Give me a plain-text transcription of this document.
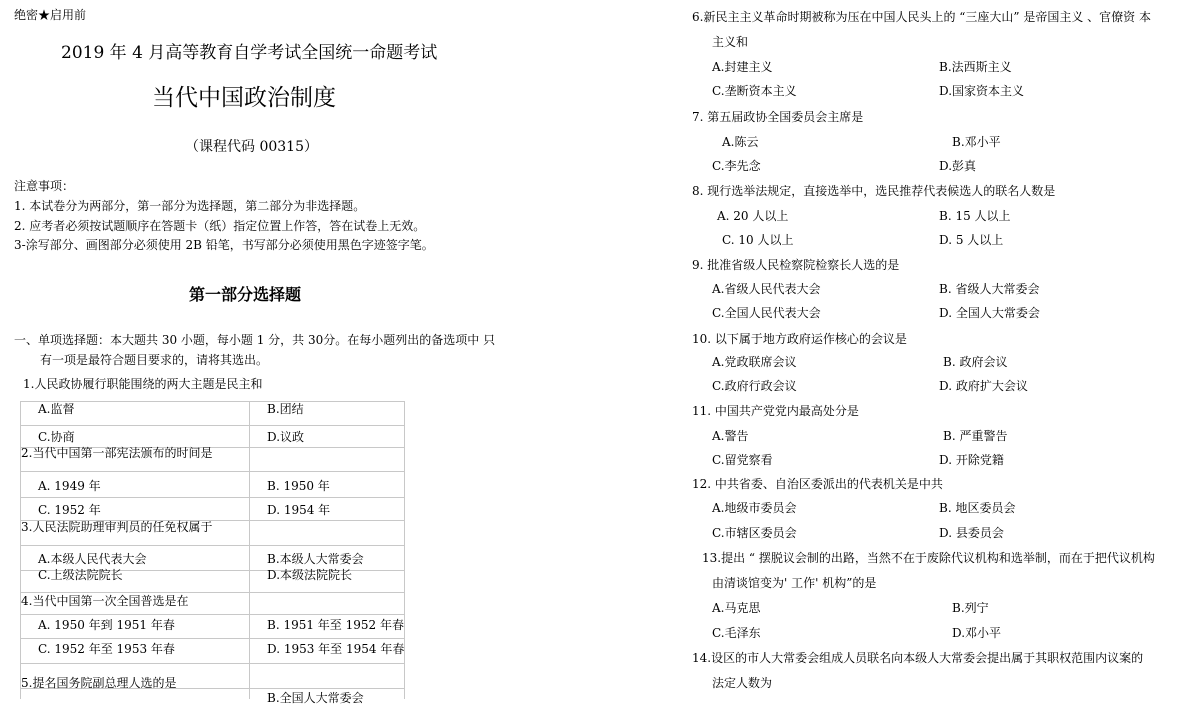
绝密★启用前
2019 年 4 月高等教育自学考试全国统一命题考试
当代中国政治制度
（课程代码 00315）
注意事项：
1. 本试卷分为两部分，第一部分为选择题，第二部分为非选择题。
2. 应考者必须按试题顺序在答题卡（纸）指定位置上作答，答在试卷上无效。
3-涂写部分、画图部分必须使用 2B 铅笔，书写部分必须使用黑色字迹签字笔。
第一部分选择题
一、单项选择题：本大题共 30 小题，每小题 1 分，共 30分。在每小题列出的备选项中 只
有一项是最符合题目要求的，请将其选出。
1.人民政协履行职能围绕的两大主题是民主和
A.监督	B.团结
C.协商	D.议政
2.当代中国第一部宪法颁布的时间是
A. 1949 年	B. 1950 年
C. 1952 年	D. 1954 年
3.人民法院助理审判员的任免权属于
A.本级人民代表大会	B.本级人大常委会
C.上级法院院长	D.本级法院院长
4.当代中国第一次全国普选是在
A. 1950 年到 1951 年春	B. 1951 年至 1952 年春
C. 1952 年至 1953 年春	D. 1953 年至 1954 年春
5.提名国务院副总理人选的是
B.全国人大常委会
6.新民主主义革命时期被称为压在中国人民头上的 “三座大山” 是帝国主义 、官僚资 本
主义和
A.封建主义	B.法西斯主义
C.垄断资本主义	D.国家资本主义
7. 第五届政协全国委员会主席是
A.陈云	B.邓小平
C.李先念	D.彭真
8. 现行选举法规定，直接选举中，选民推荐代表候选人的联名人数是
A. 20 人以上	B. 15 人以上
C. 10 人以上	D. 5 人以上
9. 批准省级人民检察院检察长人选的是
A.省级人民代表大会	B. 省级人大常委会
C.全国人民代表大会	D. 全国人大常委会
10. 以下属于地方政府运作核心的会议是
A.党政联席会议	B. 政府会议
C.政府行政会议	D. 政府扩大会议
11. 中国共产党党内最高处分是
A.警告	B. 严重警告
C.留党察看	D. 开除党籍
12. 中共省委、自治区委派出的代表机关是中共
A.地级市委员会	B. 地区委员会
C.市辖区委员会	D. 县委员会
13.提出 “ 摆脱议会制的出路，当然不在于废除代议机构和选举制，而在于把代议机构
由清谈馆变为' 工作' 机构”的是
A.马克思	B.列宁
C.毛泽东	D.邓小平
14.设区的市人大常委会组成人员联名向本级人大常委会提出属于其职权范围内议案的
法定人数为
